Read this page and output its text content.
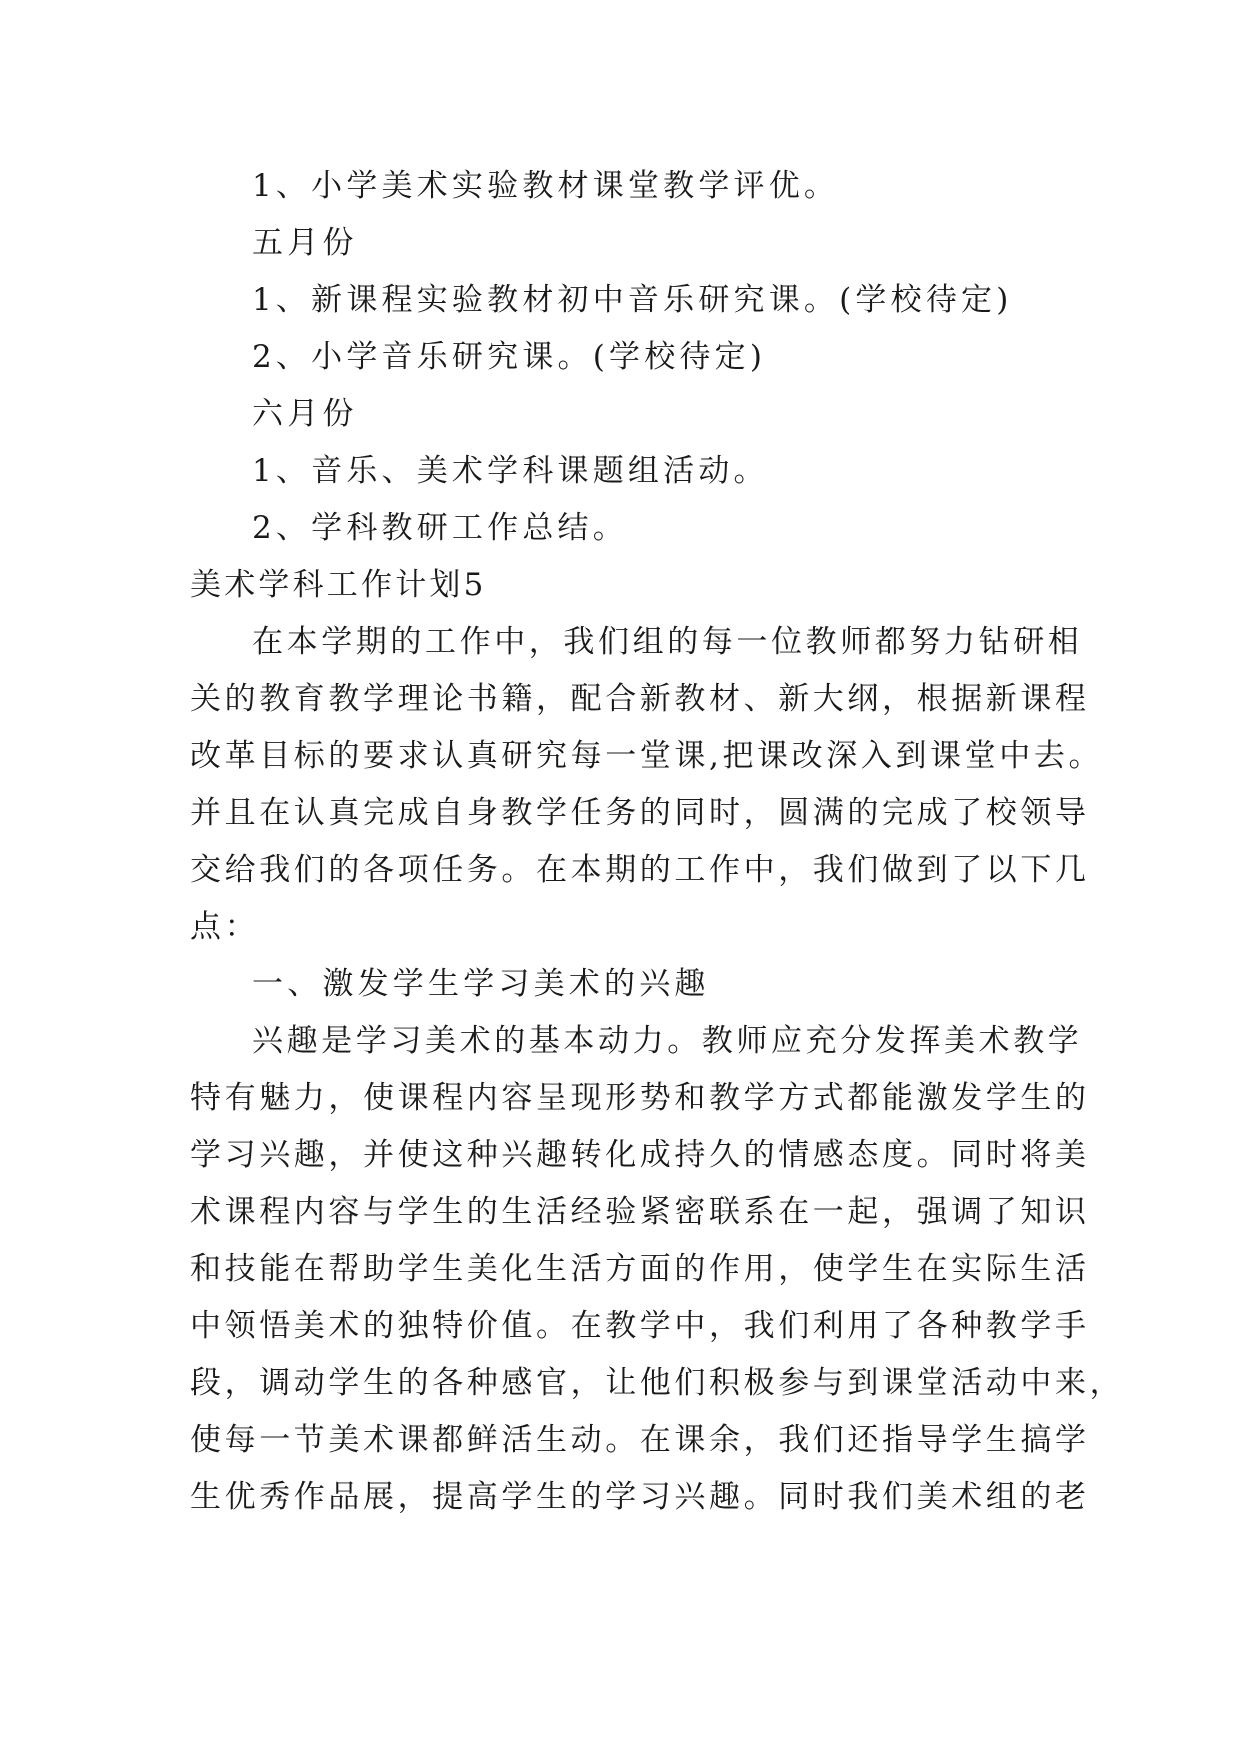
1、小学美术实验教材课堂教学评优。
五月份
1、新课程实验教材初中音乐研究课。(学校待定)
2、小学音乐研究课。(学校待定)
六月份
1、音乐、美术学科课题组活动。
2、学科教研工作总结。
美术学科工作计划5
在本学期的工作中，我们组的每一位教师都努力钻研相
关的教育教学理论书籍，配合新教材、新大纲，根据新课程
改革目标的要求认真研究每一堂课,把课改深入到课堂中去。
并且在认真完成自身教学任务的同时，圆满的完成了校领导
交给我们的各项任务。在本期的工作中，我们做到了以下几
点：
一、激发学生学习美术的兴趣
兴趣是学习美术的基本动力。教师应充分发挥美术教学
特有魅力，使课程内容呈现形势和教学方式都能激发学生的
学习兴趣，并使这种兴趣转化成持久的情感态度。同时将美
术课程内容与学生的生活经验紧密联系在一起，强调了知识
和技能在帮助学生美化生活方面的作用，使学生在实际生活
中领悟美术的独特价值。在教学中，我们利用了各种教学手
段，调动学生的各种感官，让他们积极参与到课堂活动中来，
使每一节美术课都鲜活生动。在课余，我们还指导学生搞学
生优秀作品展，提高学生的学习兴趣。同时我们美术组的老
